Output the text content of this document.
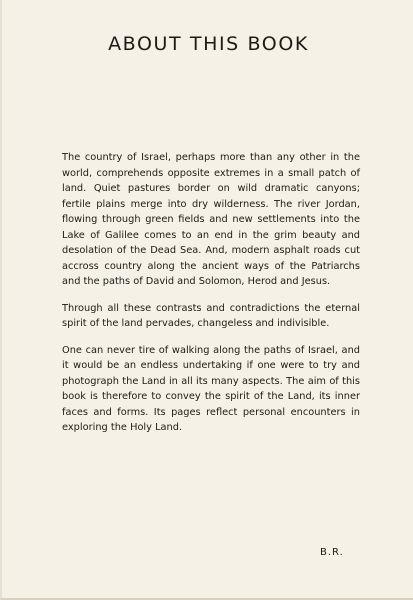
ABOUT THIS BOOK

The country of Israel, perhaps more than any other in the world, comprehends opposite extremes in a small patch of land. Quiet pastures border on wild dramatic canyons; fertile plains merge into dry wilderness. The river Jordan, flowing through green fields and new settlements into the Lake of Galilee comes to an end in the grim beauty and desolation of the Dead Sea. And, modern asphalt roads cut accross country along the ancient ways of the Patriarchs and the paths of David and Solomon, Herod and Jesus.

Through all these contrasts and contradictions the eternal spirit of the land pervades, changeless and indivisible.

One can never tire of walking along the paths of Israel, and it would be an endless undertaking if one were to try and photograph the Land in all its many aspects. The aim of this book is therefore to convey the spirit of the Land, its inner faces and forms. Its pages reflect personal encounters in exploring the Holy Land.

B.R.
